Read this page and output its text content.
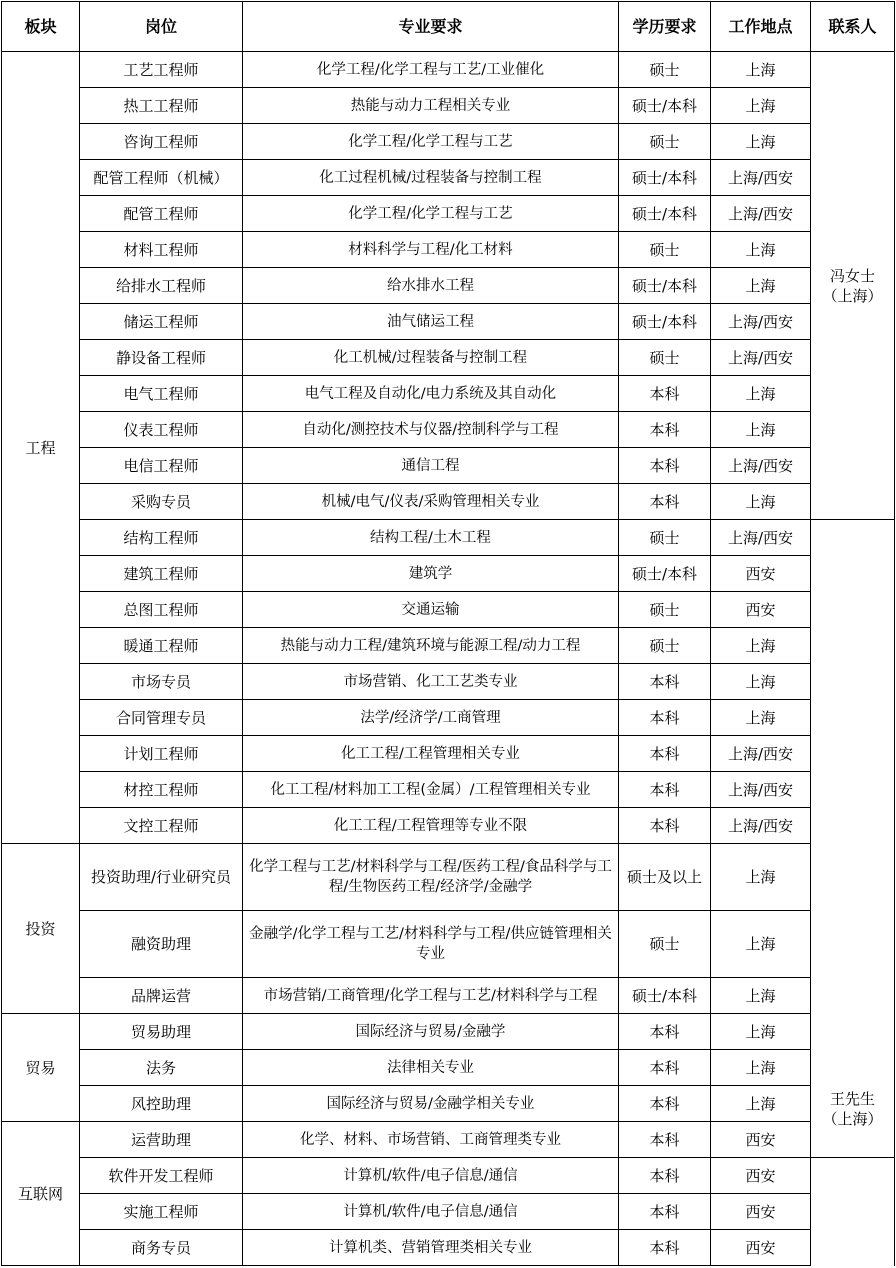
板块	岗位	专业要求	学历要求	工作地点	联系人	
工程	工艺工程师	化学工程/化学工程与工艺/工业催化	硕士	上海	冯女士
（上海）	

	热工工程师	热能与动力工程相关专业	硕士/本科	上海		
	咨询工程师	化学工程/化学工程与工艺	硕士	上海		
	配管工程师（机械）	化工过程机械/过程装备与控制工程	硕士/本科	上海/西安		
	配管工程师	化学工程/化学工程与工艺	硕士/本科	上海/西安		
	材料工程师	材料科学与工程/化工材料	硕士	上海		
	给排水工程师	给水排水工程	硕士/本科	上海		
	储运工程师	油气储运工程	硕士/本科	上海/西安		
	静设备工程师	化工机械/过程装备与控制工程	硕士	上海/西安		
	电气工程师	电气工程及自动化/电力系统及其自动化	本科	上海		
	仪表工程师	自动化/测控技术与仪器/控制科学与工程	本科	上海		
	电信工程师	通信工程	本科	上海/西安		
	采购专员	机械/电气/仪表/采购管理相关专业	本科	上海		
	结构工程师	结构工程/土木工程	硕士	上海/西安	王先生
（上海）	

	建筑工程师	建筑学	硕士/本科	西安		
	总图工程师	交通运输	硕士	西安		
	暖通工程师	热能与动力工程/建筑环境与能源工程/动力工程	硕士	上海		
	市场专员	市场营销、化工工艺类专业	本科	上海		
	合同管理专员	法学/经济学/工商管理	本科	上海		
	计划工程师	化工工程/工程管理相关专业	本科	上海/西安		
	材控工程师	化工工程/材料加工工程(金属）/工程管理相关专业	本科	上海/西安		
	文控工程师	化工工程/工程管理等专业不限	本科	上海/西安		
投资	投资助理/行业研究员	化学工程与工艺/材料科学与工程/医药工程/食品科学与工程/生物医药工程/经济学/金融学	硕士及以上	上海		
	融资助理	金融学/化学工程与工艺/材料科学与工程/供应链管理相关专业	硕士	上海		
	品牌运营	市场营销/工商管理/化学工程与工艺/材料科学与工程	硕士/本科	上海		
贸易	贸易助理	国际经济与贸易/金融学	本科	上海		
	法务	法律相关专业	本科	上海		
	风控助理	国际经济与贸易/金融学相关专业	本科	上海		
互联网	运营助理	化学、材料、市场营销、工商管理类专业	本科	西安	

	软件开发工程师	计算机/软件/电子信息/通信	本科	西安		
	实施工程师	计算机/软件/电子信息/通信	本科	西安		
	商务专员	计算机类、营销管理类相关专业	本科	西安		
